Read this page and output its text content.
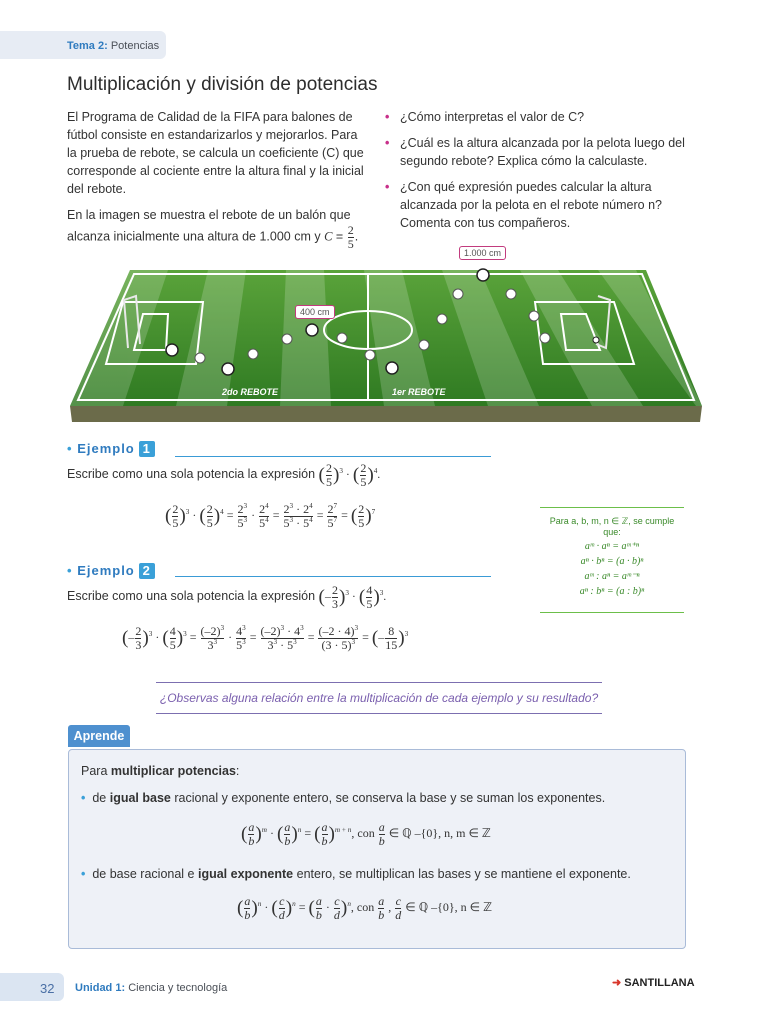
Tema 2: Potencias
Multiplicación y división de potencias

El Programa de Calidad de la FIFA para balones de fútbol consiste en estandarizarlos y mejorarlos. Para la prueba de rebote, se calcula un coeficiente (C) que corresponde al cociente entre la altura final y la inicial del rebote.

En la imagen se muestra el rebote de un balón que alcanza inicialmente una altura de 1.000 cm y $C = \frac{2}{5}$ .

• ¿Cómo interpretas el valor de C?
• ¿Cuál es la altura alcanzada por la pelota luego del segundo rebote? Explica cómo la calculaste.
• ¿Con qué expresión puedes calcular la altura alcanzada por la pelota en el rebote número n? Comenta con tus compañeros.
2do REBOTE	1er REBOTE
1.000 cm
400 cm
• Ejemplo 1
Escribe como una sola potencia la expresión ( $\frac{2}{5} )^3$ · ( $\frac{2}{5} )^4$.
( $\frac{2}{5} )^3$ · ( $\frac{2}{5} )^4 = \frac{2^3}{5^3} \cdot \frac{2^4}{5^4} = \frac{2^3 \cdot 2^4}{5^3 \cdot 5^4} = \frac{2^7}{5^7}$ = ( $\frac{2}{5} )^7$
Para a, b, m, n ∈ ℤ, se cumple que:
aᵐ · aⁿ = aᵐ⁺ⁿ
aⁿ · bⁿ = (a · b)ⁿ
aᵐ : aⁿ = aᵐ⁻ⁿ
aⁿ : bⁿ = (a : b)ⁿ
• Ejemplo 2
Escribe como una sola potencia la expresión (– $\frac{2}{3} )^3$ · ( $\frac{4}{5} )^3$.
(– $\frac{2}{3} )^3$ · ( $\frac{4}{5} )^3 = \frac{(-2)^3}{3^3} \cdot \frac{4^3}{5^3} = \frac{(-2)^3 \cdot 4^3}{3^3 \cdot 5^3} = \frac{(-2 \cdot 4)^3}{(3 \cdot 5)^3}$ = (– $\frac{8}{15} )^3$
¿Observas alguna relación entre la multiplicación de cada ejemplo y su resultado?
Aprende
Para multiplicar potencias:
• de igual base racional y exponente entero, se conserva la base y se suman los exponentes.
( $\frac{a}{b} )^m$ · ( $\frac{a}{b} )^n$ = ( $\frac{a}{b} )^{m + n}$, con $\frac{a}{b}$ ∈ ℚ –{0}, n, m ∈ ℤ
• de base racional e igual exponente entero, se multiplican las bases y se mantiene el exponente.
( $\frac{a}{b} )^n$ · ( $\frac{c}{d} )^n$ = ( $\frac{a}{b} \cdot \frac{c}{d} )^n$, con $\frac{a}{b}$ , $\frac{c}{d}$ ∈ ℚ –{0}, n ∈ ℤ
32 Unidad 1: Ciencia y tecnología	➜ SANTILLANA
